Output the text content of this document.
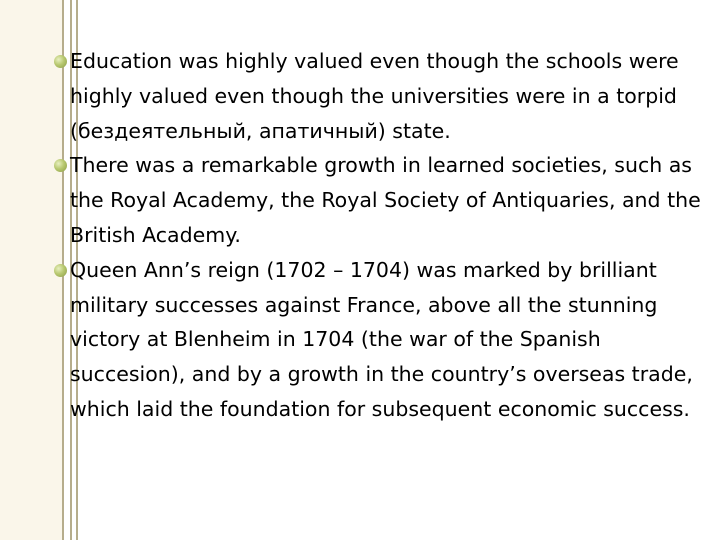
Education was highly valued even though the schools were highly valued even though the universities were in a torpid (бездеятельный, апатичный) state.
There was a remarkable growth in learned societies, such as the Royal Academy, the Royal Society of Antiquaries, and the British Academy.
Queen Ann’s reign (1702 – 1704) was marked by brilliant military successes against France, above all the stunning victory at Blenheim in 1704 (the war of the Spanish succesion), and by a growth in the country’s overseas trade, which laid the foundation for subsequent economic success.
